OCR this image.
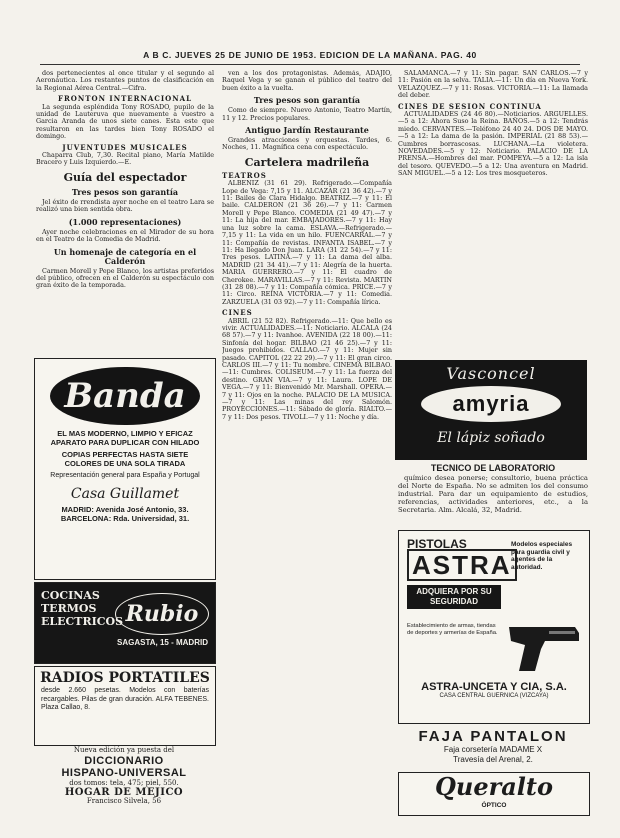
A B C. JUEVES 25 DE JUNIO DE 1953. EDICION DE LA MAÑANA. PAG. 40

dos pertenecientes al once titular y el segundo al Aeronáutica. Los restantes puntos de clasificación en la Regional Aérea Central.—Cifra.

FRONTON INTERNACIONAL

La segunda espléndida Tony ROSADO, pupilo de la unidad de Lauteruva que nuevamente a vuestro a Garcia Aranda de unos siete canes. Esta este que resultaron en las tardes bien Tony ROSADO el domingo.

JUVENTUDES MUSICALES

Chaparra Club, 7,30. Recital piano, María Matilde Bracero y Luis Izquierdo.—E.

Guía del espectador
Tres pesos son garantía

Jel éxito de rrendista ayer noche en el teatro Lara se realizó una bien sentida obra.

(1.000 representaciones)

Ayer noche celebraciones en el Mirador de su hora en el Teatro de la Comedia de Madrid.

Un homenaje de categoría en el Calderón

Carmen Morell y Pepe Blanco, los artistas preferidos del público, ofrecen en el Calderón su espectáculo con gran éxito de la temporada.

ven a los dos protagonistas. Además, ADAJIO, Raquel Vega y se ganan el público del teatro del buen éxito a la vuelta.

Tres pesos son garantía

Como de siempre. Nuevo Antonio, Teatro Martín, 11 y 12. Precios populares.

Antiguo Jardín Restaurante

Grandes atracciones y orquestas. Tardes, 6. Noches, 11. Magnífica cena con espectáculo.

Cartelera madrileña
TEATROS

ALBENIZ (31 61 29). Refrigerado.—Compañía Lope de Vega: 7,15 y 11. ALCAZAR (21 36 42).—7 y 11: Bailes de Clara Hidalgo. BEATRIZ.—7 y 11: El baile. CALDERON (21 36 26).—7 y 11: Carmen Morell y Pepe Blanco. COMEDIA (21 49 47).—7 y 11: La hija del mar. EMBAJADORES.—7 y 11: Hay una luz sobre la cama. ESLAVA.—Refrigerado.—7,15 y 11: La vida en un hilo. FUENCARRAL.—7 y 11: Compañía de revistas. INFANTA ISABEL.—7 y 11: Ha llegado Don Juan. LARA (31 22 54).—7 y 11: Tres pesos. LATINA.—7 y 11: La dama del alba. MADRID (21 34 41).—7 y 11: Alegría de la huerta. MARIA GUERRERO.—7 y 11: El cuadro de Cherokee. MARAVILLAS.—7 y 11: Revista. MARTIN (31 28 08).—7 y 11: Compañía cómica. PRICE.—7 y 11: Circo. REINA VICTORIA.—7 y 11: Comedia. ZARZUELA (31 03 92).—7 y 11: Compañía lírica.

CINES

ABRIL (21 52 82). Refrigerado.—11: Que bello es vivir. ACTUALIDADES.—11: Noticiario. ALCALA (24 68 57).—7 y 11: Ivanhoe. AVENIDA (22 18 00).—11: Sinfonía del hogar. BILBAO (21 46 25).—7 y 11: Juegos prohibidos. CALLAO.—7 y 11: Mujer sin pasado. CAPITOL (22 22 29).—7 y 11: El gran circo. CARLOS III.—7 y 11: Tu nombre. CINEMA BILBAO.—11: Cumbres. COLISEUM.—7 y 11: La fuerza del destino. GRAN VIA.—7 y 11: Laura. LOPE DE VEGA.—7 y 11: Bienvenido Mr. Marshall. OPERA.—7 y 11: Ojos en la noche. PALACIO DE LA MUSICA.—7 y 11: Las minas del rey Salomón. PROYECCIONES.—11: Sábado de gloria. RIALTO.—7 y 11: Dos pesos. TIVOLI.—7 y 11: Noche y día.

SALAMANCA.—7 y 11: Sin pagar. SAN CARLOS.—7 y 11: Pasión en la selva. TALIA.—11: Un día en Nueva York. VELAZQUEZ.—7 y 11: Rosas. VICTORIA.—11: La llamada del deber.

CINES DE SESION CONTINUA

ACTUALIDADES (24 46 80).—Noticiarios. ARGUELLES.—5 a 12: Ahora Suso la Reina. BAÑOS.—5 a 12: Tendrás miedo. CERVANTES.—Teléfono 24 40 24. DOS DE MAYO.—5 a 12: La dama de la pasión. IMPERIAL (21 88 53).—Cumbres borrascosas. LUCHANA.—La violetera. NOVEDADES.—5 y 12: Noticiario. PALACIO DE LA PRENSA.—Hombres del mar. POMPEYA.—5 a 12: La isla del tesoro. QUEVEDO.—5 a 12: Una aventura en Madrid. SAN MIGUEL.—5 a 12: Los tres mosqueteros.

Banda
EL MAS MODERNO, LIMPIO Y EFICAZ APARATO PARA DUPLICAR CON HILADO
COPIAS PERFECTAS HASTA SIETE COLORES DE UNA SOLA TIRADA
Representación general para España y Portugal
Casa Guillamet
MADRID: Avenida José Antonio, 33.
BARCELONA: Rda. Universidad, 31.
COCINAS TERMOS ELECTRICOS Rubio
SAGASTA, 15 - MADRID
RADIOS PORTATILES
desde 2.660 pesetas. Modelos con baterías recargables. Pilas de gran duración. ALFA TEBENES. Plaza Callao, 8.
Nueva edición ya puesta del
DICCIONARIO
HISPANO-UNIVERSAL
dos tomos: tela, 475; piel, 550.
HOGAR DE MEJICO
Francisco Silvela, 56
Vasconcel
amyria
El lápiz soñado
TECNICO DE LABORATORIO

químico desea ponerse; consultorio, buena práctica del Norte de España. No se admiten los del consumo industrial. Para dar un equipamiento de estudios, referencias, actividades anteriores, etc., a la Secretaria. Alm. Alcalá, 32, Madrid.

PISTOLAS
ASTRA
ADQUIERA POR SU SEGURIDAD
Modelos especiales para guardia civil y agentes de la autoridad.
Establecimiento de armas, tiendas de deportes y armerías de España.
ASTRA-UNCETA Y CIA, S.A.
CASA CENTRAL GUERNICA (VIZCAYA)
FAJA PANTALON
Faja corsetería MADAME X
Travesía del Arenal, 2.
Queralto
ÓPTICO
